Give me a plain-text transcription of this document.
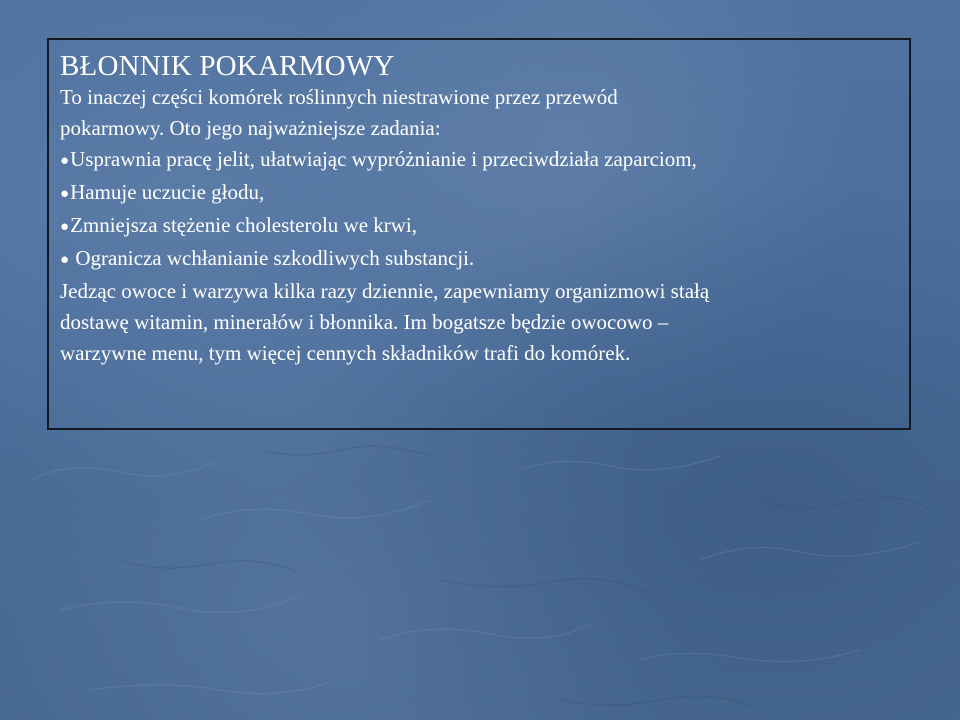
BŁONNIK POKARMOWY
To inaczej części komórek roślinnych niestrawione przez przewód
pokarmowy. Oto jego najważniejsze zadania:
●Usprawnia pracę jelit, ułatwiając wypróżnianie i przeciwdziała zaparciom,
●Hamuje uczucie głodu,
●Zmniejsza stężenie cholesterolu we krwi,
● Ogranicza wchłanianie szkodliwych substancji.
Jedząc owoce i warzywa kilka razy dziennie, zapewniamy organizmowi stałą
dostawę witamin, minerałów i błonnika. Im bogatsze będzie owocowo –
warzywne menu, tym więcej cennych składników trafi do komórek.
